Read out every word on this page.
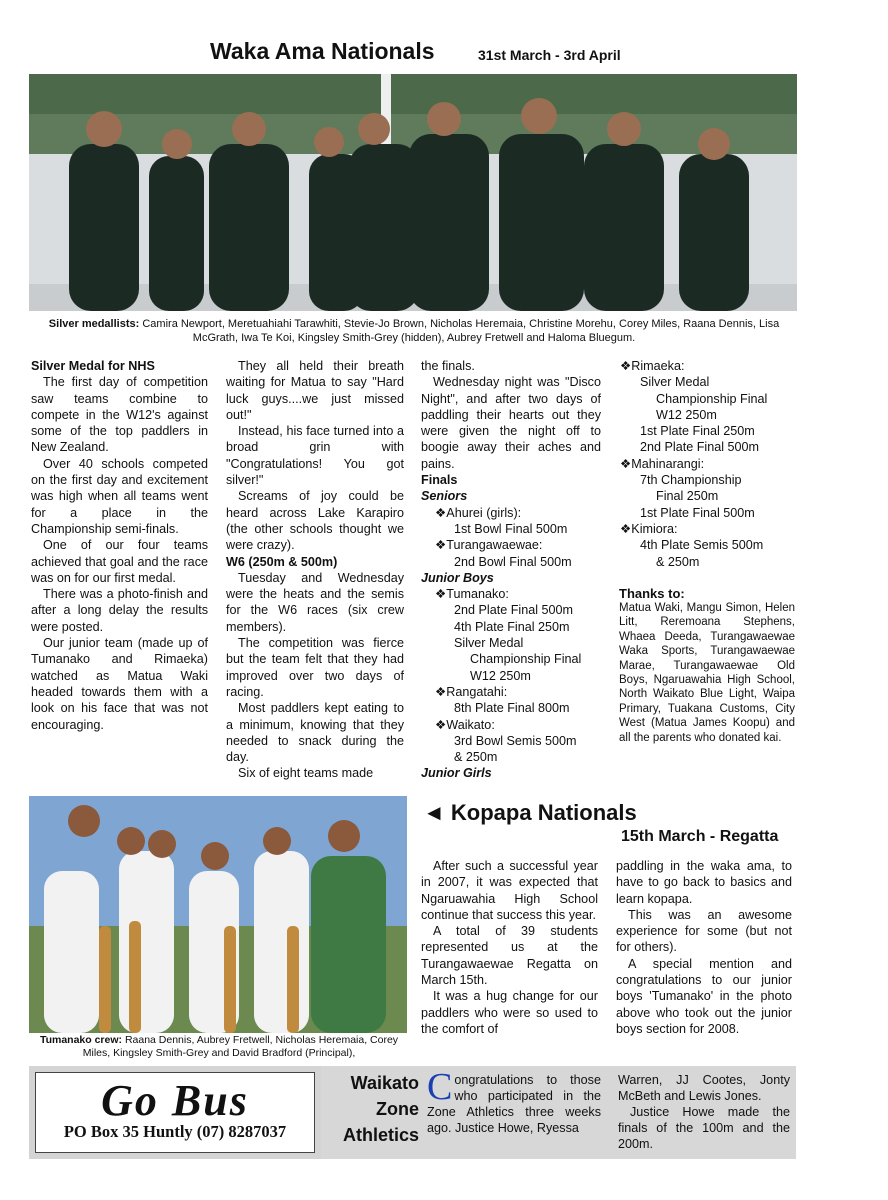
Waka Ama Nationals	31st March - 3rd April
Silver medallists: Camira Newport, Meretuahiahi Tarawhiti, Stevie-Jo Brown, Nicholas Heremaia, Christine Morehu, Corey Miles, Raana Dennis, Lisa McGrath, Iwa Te Koi, Kingsley Smith-Grey (hidden), Aubrey Fretwell and Haloma Bluegum.

Silver Medal for NHS

The first day of competition saw teams combine to compete in the W12's against some of the top paddlers in New Zealand.

Over 40 schools competed on the first day and excitement was high when all teams went for a place in the Championship semi-finals.

One of our four teams achieved that goal and the race was on for our first medal.

There was a photo-finish and after a long delay the results were posted.

Our junior team (made up of Tumanako and Rimaeka) watched as Matua Waki headed towards them with a look on his face that was not encouraging.

They all held their breath waiting for Matua to say "Hard luck guys....we just missed out!"

Instead, his face turned into a broad grin with "Congratulations! You got silver!"

Screams of joy could be heard across Lake Karapiro (the other schools thought we were crazy).

W6 (250m & 500m)

Tuesday and Wednesday were the heats and the semis for the W6 races (six crew members).

The competition was fierce but the team felt that they had improved over two days of racing.

Most paddlers kept eating to a minimum, knowing that they needed to snack during the day.

Six of eight teams made

the finals.

Wednesday night was "Disco Night", and after two days of paddling their hearts out they were given the night off to boogie away their aches and pains.

Finals

Seniors

❖Ahurei (girls):
1st Bowl Final 500m
❖Turangawaewae:
2nd Bowl Final 500m

Junior Boys

❖Tumanako:
2nd Plate Final 500m
4th Plate Final 250m
Silver Medal
Championship Final
W12 250m
❖Rangatahi:
8th Plate Final 800m
❖Waikato:
3rd Bowl Semis 500m
& 250m

Junior Girls

❖Rimaeka:
Silver Medal
Championship Final
W12 250m
1st Plate Final 250m
2nd Plate Final 500m
❖Mahinarangi:
7th Championship
Final 250m
1st Plate Final 500m
❖Kimiora:
4th Plate Semis 500m
& 250m
Thanks to:
Matua Waki, Mangu Simon, Helen Litt, Reremoana Stephens, Whaea Deeda, Turangawaewae Waka Sports, Turangawaewae Marae, Turangawaewae Old Boys, Ngaruawahia High School, North Waikato Blue Light, Waipa Primary, Tuakana Customs, City West (Matua James Koopu) and all the parents who donated kai.
Tumanako crew: Raana Dennis, Aubrey Fretwell, Nicholas Heremaia, Corey Miles, Kingsley Smith-Grey and David Bradford (Principal),
◄ Kopapa Nationals
15th March - Regatta

After such a successful year in 2007, it was expected that Ngaruawahia High School continue that success this year.

A total of 39 students represented us at the Turangawaewae Regatta on March 15th.

It was a hug change for our paddlers who were so used to the comfort of

paddling in the waka ama, to have to go back to basics and learn kopapa.

This was an awesome experience for some (but not for others).

A special mention and congratulations to our junior boys 'Tumanako' in the photo above who took out the junior boys section for 2008.

Go Bus
PO Box 35 Huntly (07) 8287037
Waikato
Zone
Athletics
C ongratulations to those who participated in the Zone Athletics three weeks ago. Justice Howe, Ryessa

Warren, JJ Cootes, Jonty McBeth and Lewis Jones.

Justice Howe made the finals of the 100m and the 200m.
